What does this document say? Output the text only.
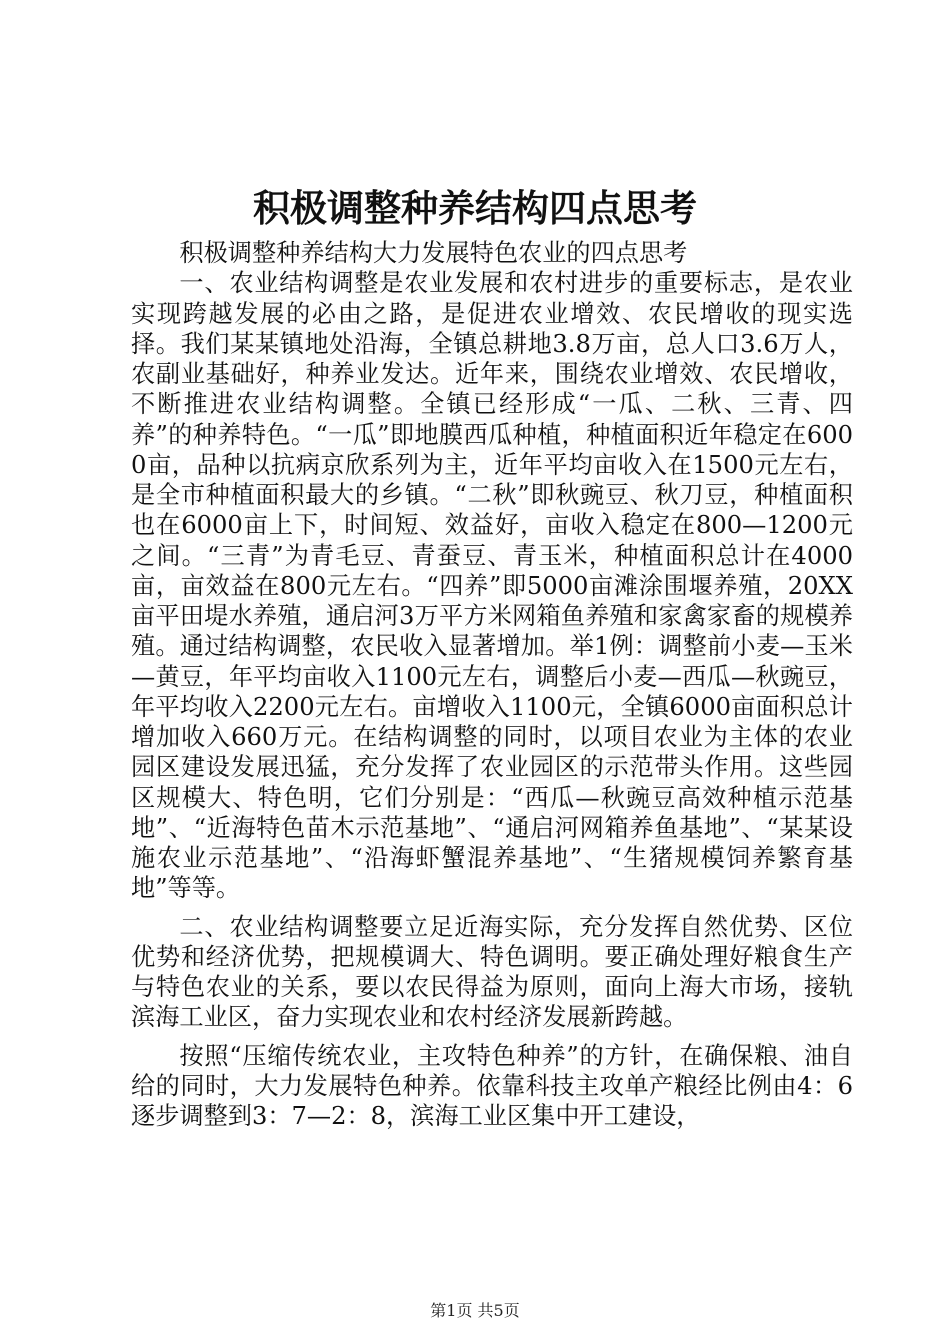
积极调整种养结构四点思考

积极调整种养结构大力发展特色农业的四点思考

一、农业结构调整是农业发展和农村进步的重要标志，是农业实现跨越发展的必由之路，是促进农业增效、农民增收的现实选择。我们某某镇地处沿海，全镇总耕地3.8万亩，总人口3.6万人，农副业基础好，种养业发达。近年来，围绕农业增效、农民增收，不断推进农业结构调整。全镇已经形成“一瓜、二秋、三青、四养”的种养特色。“一瓜”即地膜西瓜种植，种植面积近年稳定在6000亩，品种以抗病京欣系列为主，近年平均亩收入在1500元左右，是全市种植面积最大的乡镇。“二秋”即秋豌豆、秋刀豆，种植面积也在6000亩上下，时间短、效益好，亩收入稳定在800—1200元之间。“三青”为青毛豆、青蚕豆、青玉米，种植面积总计在4000亩，亩效益在800元左右。“四养”即5000亩滩涂围堰养殖，20XX亩平田堤水养殖，通启河3万平方米网箱鱼养殖和家禽家畜的规模养殖。通过结构调整，农民收入显著增加。举1例：调整前小麦—玉米—黄豆，年平均亩收入1100元左右，调整后小麦—西瓜—秋豌豆，年平均收入2200元左右。亩增收入1100元，全镇6000亩面积总计增加收入660万元。在结构调整的同时，以项目农业为主体的农业园区建设发展迅猛，充分发挥了农业园区的示范带头作用。这些园区规模大、特色明，它们分别是：“西瓜—秋豌豆高效种植示范基地”、“近海特色苗木示范基地”、“通启河网箱养鱼基地”、“某某设施农业示范基地”、“沿海虾蟹混养基地”、“生猪规模饲养繁育基地”等等。

二、农业结构调整要立足近海实际，充分发挥自然优势、区位优势和经济优势，把规模调大、特色调明。要正确处理好粮食生产与特色农业的关系，要以农民得益为原则，面向上海大市场，接轨滨海工业区，奋力实现农业和农村经济发展新跨越。

按照“压缩传统农业，主攻特色种养”的方针，在确保粮、油自给的同时，大力发展特色种养。依靠科技主攻单产粮经比例由4：6逐步调整到3：7—2：8，滨海工业区集中开工建设，

第1页 共5页
